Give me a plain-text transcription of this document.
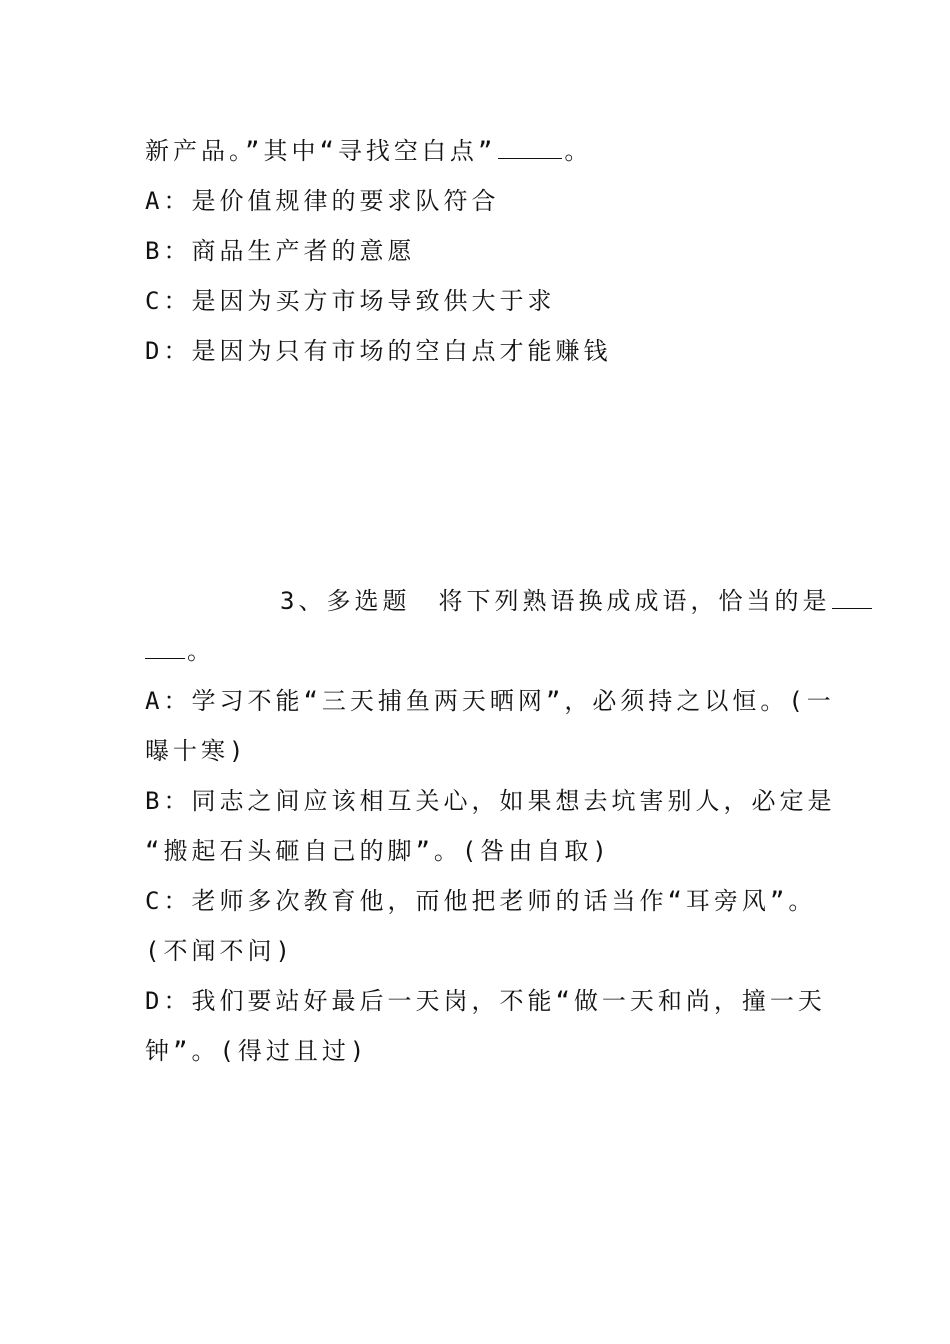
新产品。”其中“寻找空白点”	。
A：是价值规律的要求队符合
B：商品生产者的意愿
C：是因为买方市场导致供大于求
D：是因为只有市场的空白点才能赚钱
3、多选题　 将下列熟语换成成语，恰当的是
。
A：学习不能“三天捕鱼两天晒网”，必须持之以恒。(一
曝十寒)
B：同志之间应该相互关心，如果想去坑害别人，必定是
“搬起石头砸自己的脚”。(咎由自取)
C：老师多次教育他，而他把老师的话当作“耳旁风”。
(不闻不问)
D：我们要站好最后一天岗，不能“做一天和尚，撞一天
钟”。(得过且过)
